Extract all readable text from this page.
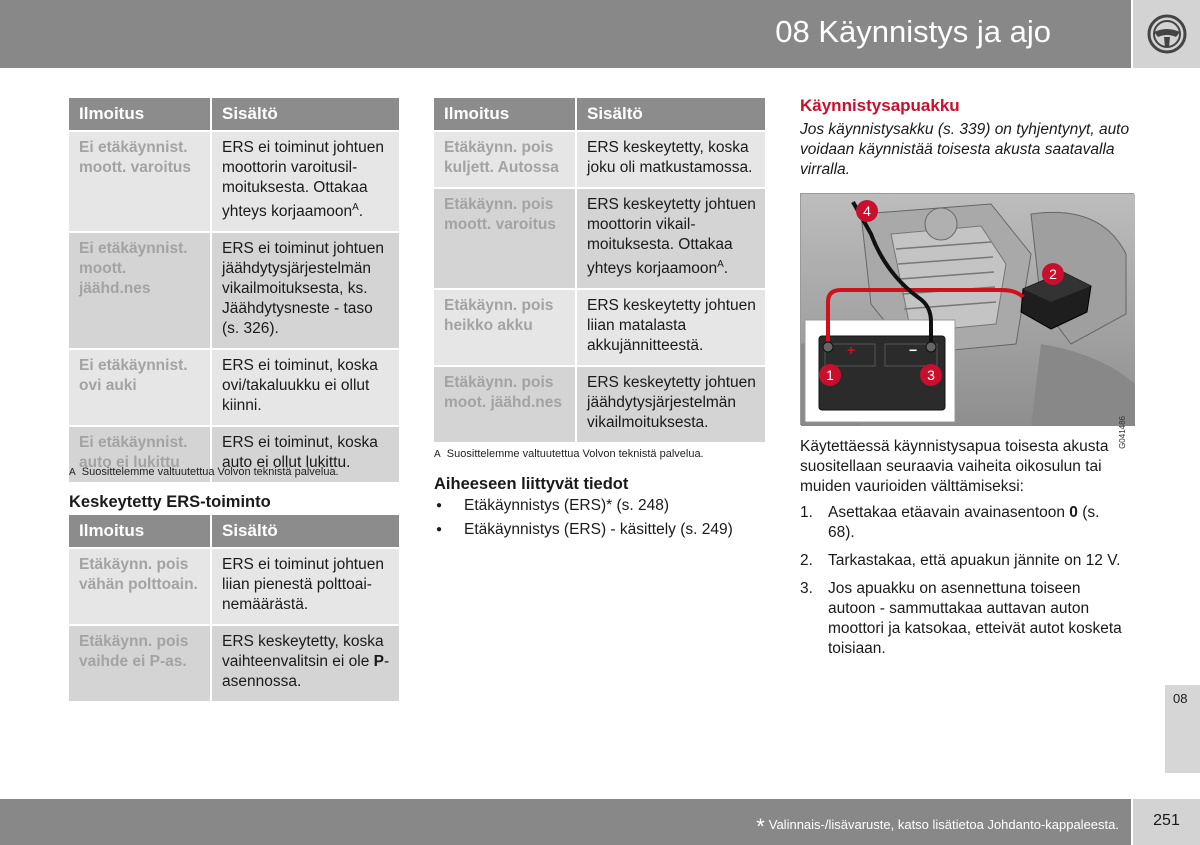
08 Käynnistys ja ajo
Ilmoitus	Sisältö
Ei etäkäynnist. moott. varoitus	ERS ei toiminut johtuen moottorin varoitusilmoituksesta. Ottakaa yhteys korjaamoon$^A$.
Ei etäkäynnist. moott. jäähd.nes	ERS ei toiminut johtuen jäähdytysjärjestelmän vikailmoituksesta, ks. Jäähdytysneste - taso (s. 326).
Ei etäkäynnist. ovi auki	ERS ei toiminut, koska ovi/takaluukku ei ollut kiinni.
Ei etäkäynnist. auto ei lukittu	ERS ei toiminut, koska auto ei ollut lukittu.
A Suosittelemme valtuutettua Volvon teknistä palvelua.
Keskeytetty ERS-toiminto
Ilmoitus	Sisältö
Etäkäynn. pois vähän polttoain.	ERS ei toiminut johtuen liian pienestä polttoainemäärästä.
Etäkäynn. pois vaihde ei P-as.	ERS keskeytetty, koska vaihteenvalitsin ei ole P-asennossa.
Ilmoitus	Sisältö
Etäkäynn. pois kuljett. Autossa	ERS keskeytetty, koska joku oli matkustamossa.
Etäkäynn. pois moott. varoitus	ERS keskeytetty johtuen moottorin vikailmoituksesta. Ottakaa yhteys korjaamoon$^A$.
Etäkäynn. pois heikko akku	ERS keskeytetty johtuen liian matalasta akkujännitteestä.
Etäkäynn. pois moot. jäähd.nes	ERS keskeytetty johtuen jäähdytysjärjestelmän vikailmoituksesta.
A Suosittelemme valtuutettua Volvon teknistä palvelua.
Aiheeseen liittyvät tiedot
● Etäkäynnistys (ERS)* (s. 248)
● Etäkäynnistys (ERS) - käsittely (s. 249)
Käynnistysapuakku
Jos käynnistysakku (s. 339) on tyhjentynyt, auto voidaan käynnistää toisesta akusta saatavalla virralla.
+	−
1
2
3
4
G041486
Käytettäessä käynnistysapua toisesta akusta suositellaan seuraavia vaiheita oikosulun tai muiden vaurioiden välttämiseksi:
1. Asettakaa etäavain avainasentoon 0 (s. 68).
2. Tarkastakaa, että apuakun jännite on 12 V.
3. Jos apuakku on asennettuna toiseen autoon - sammuttakaa auttavan auton moottori ja katsokaa, etteivät autot kosketa toisiaan.
08
* Valinnais-/lisävaruste, katso lisätietoa Johdanto-kappaleesta.	251
